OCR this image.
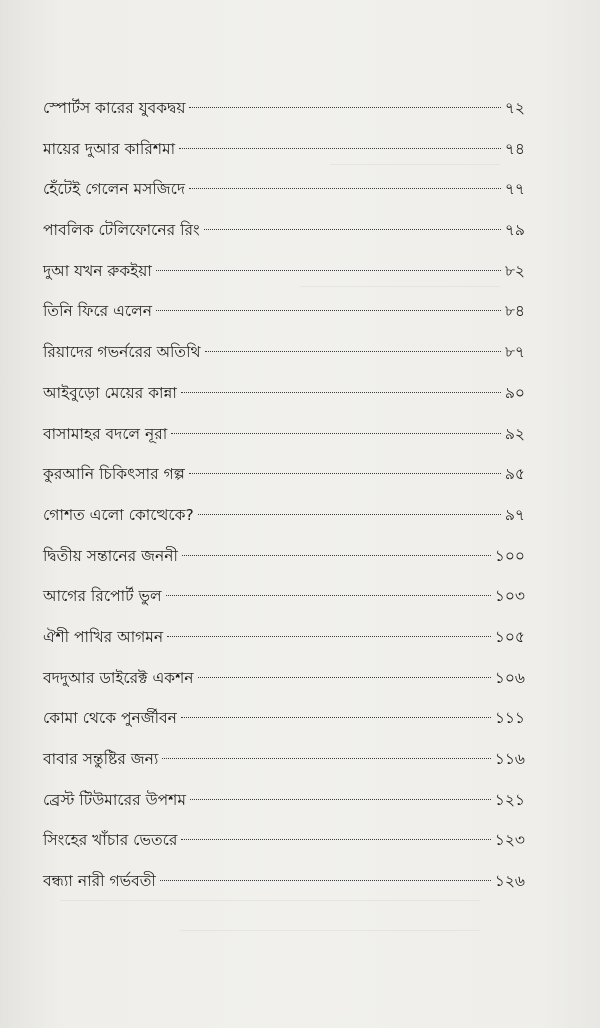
স্পোর্টস কারের যুবকদ্বয়	৭২
মায়ের দুআর কারিশমা	৭৪
হেঁটেই গেলেন মসজিদে	৭৭
পাবলিক টেলিফোনের রিং	৭৯
দুআ যখন রুকইয়া	৮২
তিনি ফিরে এলেন	৮৪
রিয়াদের গভর্নরের অতিথি	৮৭
আইবুড়ো মেয়ের কান্না	৯০
বাসামাহর বদলে নূরা	৯২
কুরআনি চিকিৎসার গল্প	৯৫
গোশত এলো কোত্থেকে?	৯৭
দ্বিতীয় সন্তানের জননী	১০০
আগের রিপোর্ট ভুল	১০৩
ঐশী পাখির আগমন	১০৫
বদদুআর ডাইরেক্ট একশন	১০৬
কোমা থেকে পুনর্জীবন	১১১
বাবার সন্তুষ্টির জন্য	১১৬
ব্রেস্ট টিউমারের উপশম	১২১
সিংহের খাঁচার ভেতরে	১২৩
বন্ধ্যা নারী গর্ভবতী	১২৬
